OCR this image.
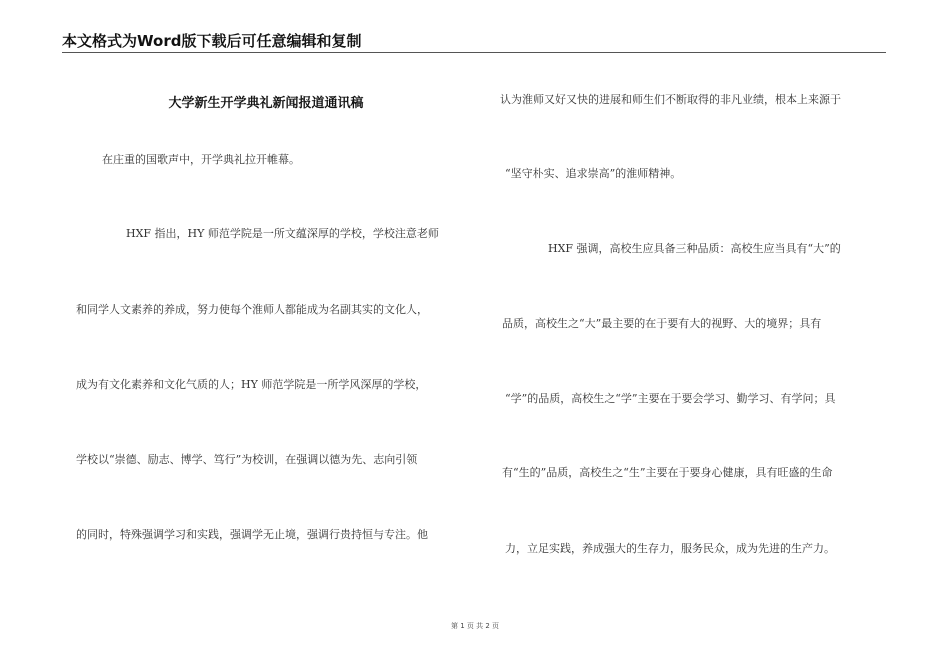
本文格式为Word版下载后可任意编辑和复制
大学新生开学典礼新闻报道通讯稿
在庄重的国歌声中，开学典礼拉开帷幕。
HXF 指出，HY 师范学院是一所文蕴深厚的学校，学校注意老师
和同学人文素养的养成，努力使每个淮师人都能成为名副其实的文化人，
成为有文化素养和文化气质的人；HY 师范学院是一所学风深厚的学校，
学校以“崇德、励志、博学、笃行”为校训，在强调以德为先、志向引领
的同时，特殊强调学习和实践，强调学无止境，强调行贵持恒与专注。他
认为淮师又好又快的进展和师生们不断取得的非凡业绩，根本上来源于
“坚守朴实、追求崇高”的淮师精神。
HXF 强调，高校生应具备三种品质：高校生应当具有“大”的
品质，高校生之“大”最主要的在于要有大的视野、大的境界；具有
“学”的品质，高校生之“学”主要在于要会学习、勤学习、有学问；具
有“生的”品质，高校生之“生”主要在于要身心健康，具有旺盛的生命
力，立足实践，养成强大的生存力，服务民众，成为先进的生产力。
第 1 页 共 2 页
